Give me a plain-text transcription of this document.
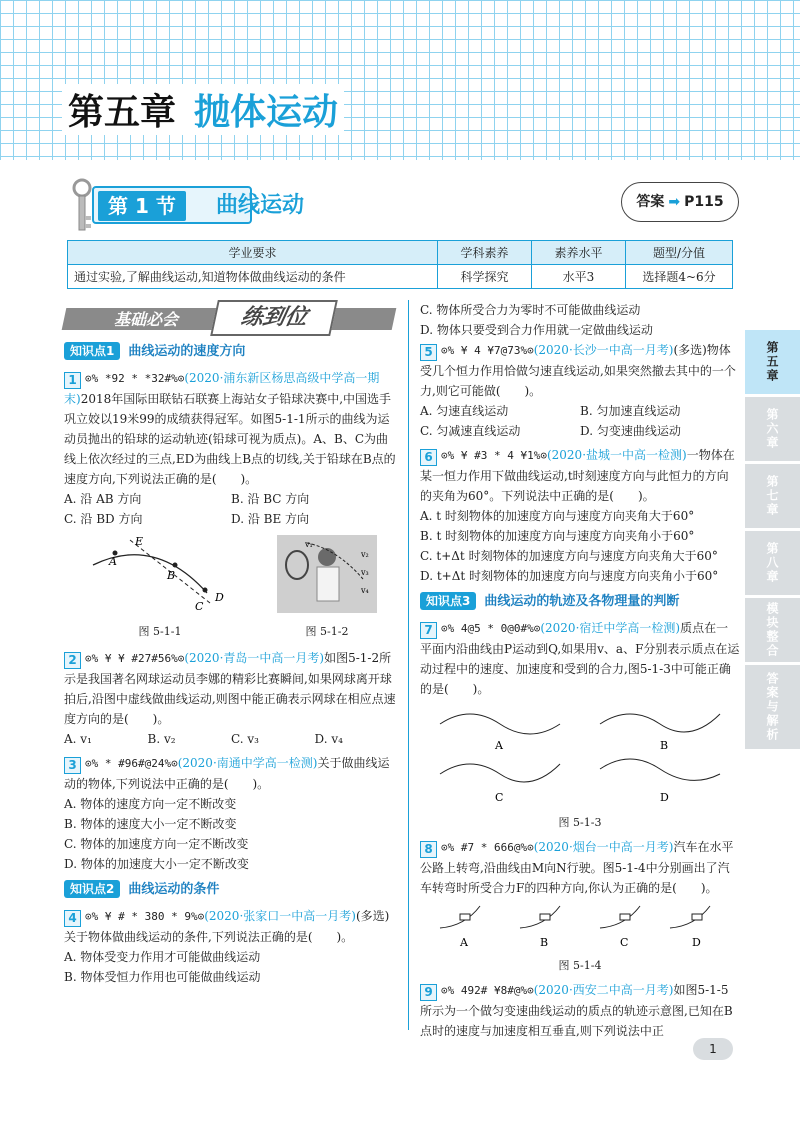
第五章 抛体运动
第 1 节	曲线运动	答案 ➡ P115
学业要求	学科素养	素养水平	题型/分值
通过实验,了解曲线运动,知道物体做曲线运动的条件	科学探究	水平3	选择题4~6分
基础必会	练到位
知识点1 曲线运动的速度方向
1 ⊙% *92 * *32#%⊙(2020·浦东新区杨思高级中学高一期末)2018年国际田联钻石联赛上海站女子铅球决赛中,中国选手巩立姣以19米99的成绩获得冠军。如图5-1-1所示的曲线为运动员抛出的铅球的运动轨迹(铅球可视为质点)。A、B、C为曲线上依次经过的三点,ED为曲线上B点的切线,关于铅球在B点的速度方向,下列说法正确的是(　　)。
A. 沿 AB 方向	B. 沿 BC 方向
C. 沿 BD 方向	D. 沿 BE 方向
A
B
C
D
E
图 5-1-1
v₁
v₂
v₃
v₄
图 5-1-2
2 ⊙% ¥ ¥ #27#56%⊙(2020·青岛一中高一月考)如图5-1-2所示是我国著名网球运动员李娜的精彩比赛瞬间,如果网球离开球拍后,沿图中虚线做曲线运动,则图中能正确表示网球在相应点速度方向的是(　　)。
A. v₁	B. v₂	C. v₃	D. v₄
3 ⊙% * #96#@24%⊙(2020·南通中学高一检测)关于做曲线运动的物体,下列说法中正确的是(　　)。
A. 物体的速度方向一定不断改变
B. 物体的速度大小一定不断改变
C. 物体的加速度方向一定不断改变
D. 物体的加速度大小一定不断改变
知识点2 曲线运动的条件
4 ⊙% ¥ # * 380 * 9%⊙(2020·张家口一中高一月考)(多选)关于物体做曲线运动的条件,下列说法正确的是(　　)。
A. 物体受变力作用才可能做曲线运动
B. 物体受恒力作用也可能做曲线运动
C. 物体所受合力为零时不可能做曲线运动
D. 物体只要受到合力作用就一定做曲线运动
5 ⊙% ¥ 4 ¥7@73%⊙(2020·长沙一中高一月考)(多选)物体受几个恒力作用恰做匀速直线运动,如果突然撤去其中的一个力,则它可能做(　　)。
A. 匀速直线运动	B. 匀加速直线运动
C. 匀减速直线运动	D. 匀变速曲线运动
6 ⊙% ¥ #3 * 4 ¥1%⊙(2020·盐城一中高一检测)一物体在某一恒力作用下做曲线运动,t时刻速度方向与此恒力的方向的夹角为60°。下列说法中正确的是(　　)。
A. t 时刻物体的加速度方向与速度方向夹角大于60°
B. t 时刻物体的加速度方向与速度方向夹角小于60°
C. t+Δt 时刻物体的加速度方向与速度方向夹角大于60°
D. t+Δt 时刻物体的加速度方向与速度方向夹角小于60°
知识点3 曲线运动的轨迹及各物理量的判断
7 ⊙% 4@5 * 0@0#%⊙(2020·宿迁中学高一检测)质点在一平面内沿曲线由P运动到Q,如果用v、a、F分别表示质点在运动过程中的速度、加速度和受到的合力,图5-1-3中可能正确的是(　　)。
A	B
C	D
图 5-1-3
8 ⊙% #7 * 666@%⊙(2020·烟台一中高一月考)汽车在水平公路上转弯,沿曲线由M向N行驶。图5-1-4中分别画出了汽车转弯时所受合力F的四种方向,你认为正确的是(　　)。
A	B	C	D
图 5-1-4
9 ⊙% 492# ¥8#@%⊙(2020·西安二中高一月考)如图5-1-5所示为一个做匀变速曲线运动的质点的轨迹示意图,已知在B点时的速度与加速度相互垂直,则下列说法中正
第五章
第六章
第七章
第八章
模块整合
答案与解析
1
